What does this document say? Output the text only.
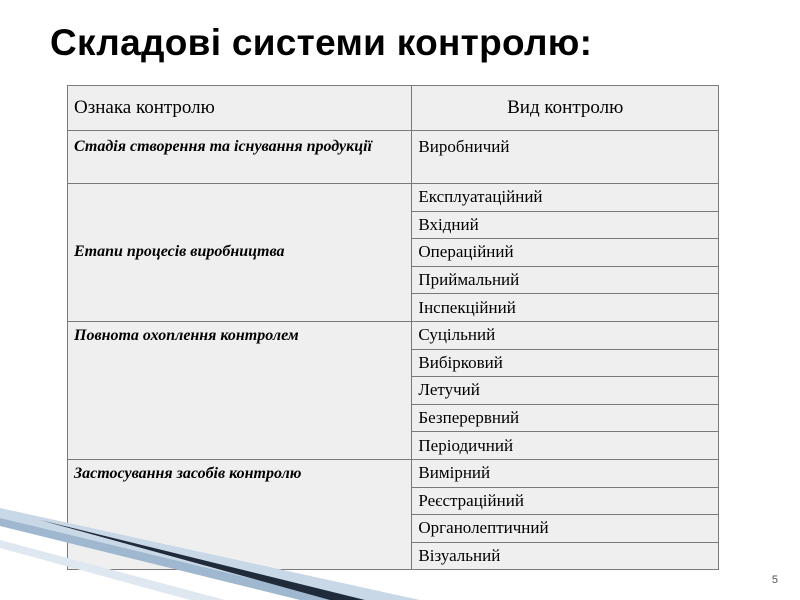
Складові системи контролю:
Ознака контролю	Вид контролю
Стадія створення та існування продукції	Виробничий
Етапи процесів виробництва	Експлуатаційний
	Вхідний
	Операційний
	Приймальний
	Інспекційний
Повнота охоплення контролем	Суцільний
	Вибірковий
	Летучий
	Безперервний
	Періодичний
Застосування засобів контролю	Вимірний
	Реєстраційний
	Органолептичний
	Візуальний
5
